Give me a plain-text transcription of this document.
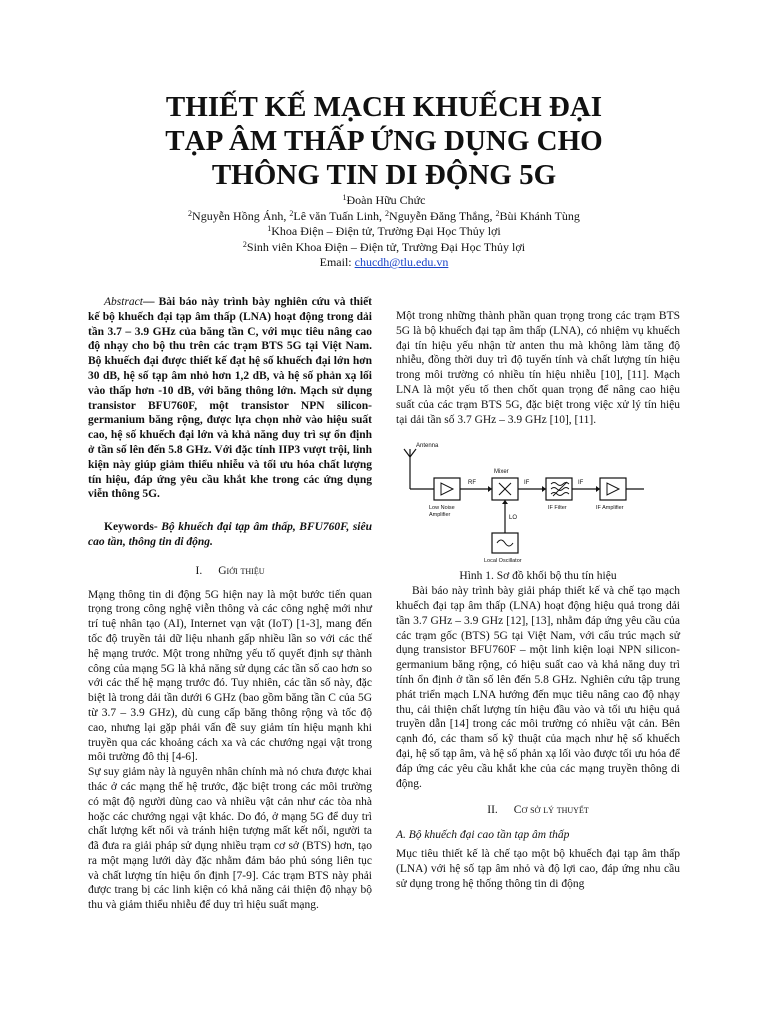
THIẾT KẾ MẠCH KHUẾCH ĐẠI
TẠP ÂM THẤP ỨNG DỤNG CHO
THÔNG TIN DI ĐỘNG 5G
$^1$Đoàn Hữu Chức
$^2$Nguyễn Hồng Ánh, $^2$Lê văn Tuấn Linh, $^2$Nguyễn Đăng Thắng, $^2$Bùi Khánh Tùng
$^1$Khoa Điện – Điện tử, Trường Đại Học Thủy lợi
$^2$Sinh viên Khoa Điện – Điện tử, Trường Đại Học Thủy lợi
Email: chucdh@tlu.edu.vn

Abstract— Bài báo này trình bày nghiên cứu và thiết kế bộ khuếch đại tạp âm thấp (LNA) hoạt động trong dải tần 3.7 – 3.9 GHz của băng tần C, với mục tiêu nâng cao độ nhạy cho bộ thu trên các trạm BTS 5G tại Việt Nam. Bộ khuếch đại được thiết kế đạt hệ số khuếch đại lớn hơn 30 dB, hệ số tạp âm nhỏ hơn 1,2 dB, và hệ số phản xạ lối vào thấp hơn -10 dB, với băng thông lớn. Mạch sử dụng transistor BFU760F, một transistor NPN silicon-germanium băng rộng, được lựa chọn nhờ vào hiệu suất cao, hệ số khuếch đại lớn và khả năng duy trì sự ổn định ở tần số lên đến 5.8 GHz. Với đặc tính IIP3 vượt trội, linh kiện này giúp giảm thiểu nhiễu và tối ưu hóa chất lượng tín hiệu, đáp ứng yêu cầu khắt khe trong các ứng dụng viễn thông 5G.

Keywords- Bộ khuếch đại tạp âm thấp, BFU760F, siêu cao tần, thông tin di động.

I. Giới thiệu

Mạng thông tin di động 5G hiện nay là một bước tiến quan trọng trong công nghệ viễn thông và các công nghệ mới như trí tuệ nhân tạo (AI), Internet vạn vật (IoT) [1-3], mang đến tốc độ truyền tải dữ liệu nhanh gấp nhiều lần so với các thế hệ mạng trước. Một trong những yếu tố quyết định sự thành công của mạng 5G là khả năng sử dụng các tần số cao hơn so với các thế hệ mạng trước đó. Tuy nhiên, các tần số này, đặc biệt là trong dải tần dưới 6 GHz (bao gồm băng tần C của 5G từ 3.7 – 3.9 GHz), dù cung cấp băng thông rộng và tốc độ cao, nhưng lại gặp phải vấn đề suy giảm tín hiệu mạnh khi truyền qua các khoảng cách xa và các chướng ngại vật trong môi trường đô thị [4-6].

Sự suy giảm này là nguyên nhân chính mà nó chưa được khai thác ở các mạng thế hệ trước, đặc biệt trong các môi trường có mật độ người dùng cao và nhiều vật cản như các tòa nhà hoặc các chướng ngại vật khác. Do đó, ở mạng 5G để duy trì chất lượng kết nối và tránh hiện tượng mất kết nối, người ta đã đưa ra giải pháp sử dụng nhiều trạm cơ sở (BTS) hơn, tạo ra một mạng lưới dày đặc nhằm đảm bảo phủ sóng liên tục và chất lượng tín hiệu ổn định [7-9]. Các trạm BTS này phải được trang bị các linh kiện có khả năng cải thiện độ nhạy bộ thu và giảm thiểu nhiễu để duy trì hiệu suất mạng.

Một trong những thành phần quan trọng trong các trạm BTS 5G là bộ khuếch đại tạp âm thấp (LNA), có nhiệm vụ khuếch đại tín hiệu yếu nhận từ anten thu mà không làm tăng độ nhiễu, đồng thời duy trì độ tuyến tính và chất lượng tín hiệu trong môi trường có nhiều tín hiệu nhiễu [10], [11]. Mạch LNA là một yếu tố then chốt quan trọng để nâng cao hiệu suất của các trạm BTS 5G, đặc biệt trong việc xử lý tín hiệu tại dải tần số 3.7 GHz – 3.9 GHz [10], [11].

Antenna
Low Noise
Amplifier
RF
Mixer
IF
IF Filter
IF
IF Amplifier
LO
Local Oscillator

Hình 1. Sơ đồ khối bộ thu tín hiệu

Bài báo này trình bày giải pháp thiết kế và chế tạo mạch khuếch đại tạp âm thấp (LNA) hoạt động hiệu quả trong dải tần 3.7 GHz – 3.9 GHz [12], [13], nhằm đáp ứng yêu cầu của các trạm gốc (BTS) 5G tại Việt Nam, với cấu trúc mạch sử dụng transistor BFU760F – một linh kiện loại NPN silicon-germanium băng rộng, có hiệu suất cao và khả năng duy trì tính ổn định ở tần số lên đến 5.8 GHz. Nghiên cứu tập trung phát triển mạch LNA hướng đến mục tiêu nâng cao độ nhạy thu, cải thiện chất lượng tín hiệu đầu vào và tối ưu hiệu quả truyền dẫn [14] trong các môi trường có nhiều vật cản. Bên cạnh đó, các tham số kỹ thuật của mạch như hệ số khuếch đại, hệ số tạp âm, và hệ số phản xạ lối vào được tối ưu hóa để đáp ứng các yêu cầu khắt khe của các mạng truyền thông di động.

II. Cơ sở lý thuyết

A. Bộ khuếch đại cao tần tạp âm thấp

Mục tiêu thiết kế là chế tạo một bộ khuếch đại tạp âm thấp (LNA) với hệ số tạp âm nhỏ và độ lợi cao, đáp ứng nhu cầu sử dụng trong hệ thống thông tin di động
